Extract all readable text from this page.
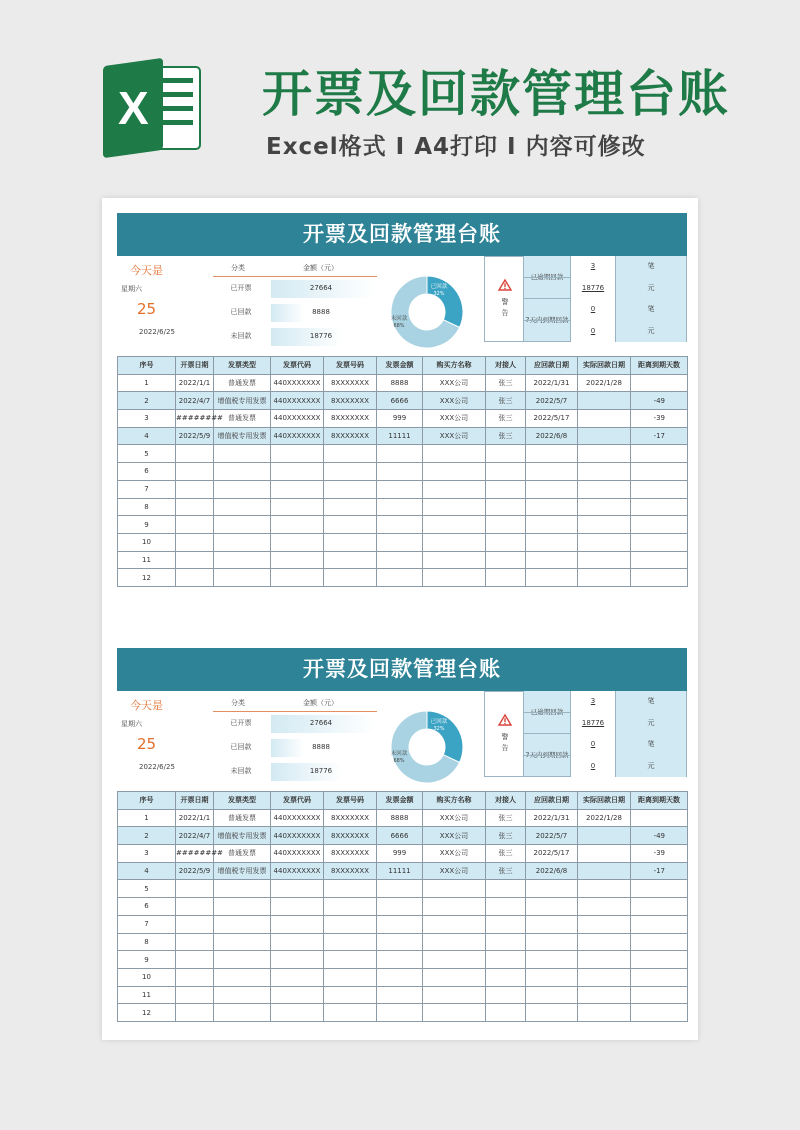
X 开票及回款管理台账
Excel格式 I A4打印 I 内容可修改
开票及回款管理台账
今天是
星期六
25
2022/6/25
分类	金额（元）
已开票	27664
已回款	8888
未回款	18776
已回款
32%
未回款
68%
警
告
已逾期回款
3	笔
18776	元
7天内到期回款
0	笔
0	元
序号	开票日期	发票类型	发票代码	发票号码	发票金额	购买方名称	对接人	应回款日期	实际回款日期	距离到期天数
1	2022/1/1	普通发票	440XXXXXXX	8XXXXXXX	8888	XXX公司	张三	2022/1/31	2022/1/28	
2	2022/4/7	增值税专用发票	440XXXXXXX	8XXXXXXX	6666	XXX公司	张三	2022/5/7		-49
3	########	普通发票	440XXXXXXX	8XXXXXXX	999	XXX公司	张三	2022/5/17		-39
4	2022/5/9	增值税专用发票	440XXXXXXX	8XXXXXXX	11111	XXX公司	张三	2022/6/8		-17
5										
6										
7										
8										
9										
10										
11										
12										
开票及回款管理台账
今天是
星期六
25
2022/6/25
分类	金额（元）
已开票	27664
已回款	8888
未回款	18776
已回款
32%
未回款
68%
警
告
已逾期回款
3	笔
18776	元
7天内到期回款
0	笔
0	元
序号	开票日期	发票类型	发票代码	发票号码	发票金额	购买方名称	对接人	应回款日期	实际回款日期	距离到期天数
1	2022/1/1	普通发票	440XXXXXXX	8XXXXXXX	8888	XXX公司	张三	2022/1/31	2022/1/28	
2	2022/4/7	增值税专用发票	440XXXXXXX	8XXXXXXX	6666	XXX公司	张三	2022/5/7		-49
3	########	普通发票	440XXXXXXX	8XXXXXXX	999	XXX公司	张三	2022/5/17		-39
4	2022/5/9	增值税专用发票	440XXXXXXX	8XXXXXXX	11111	XXX公司	张三	2022/6/8		-17
5										
6										
7										
8										
9										
10										
11										
12										
